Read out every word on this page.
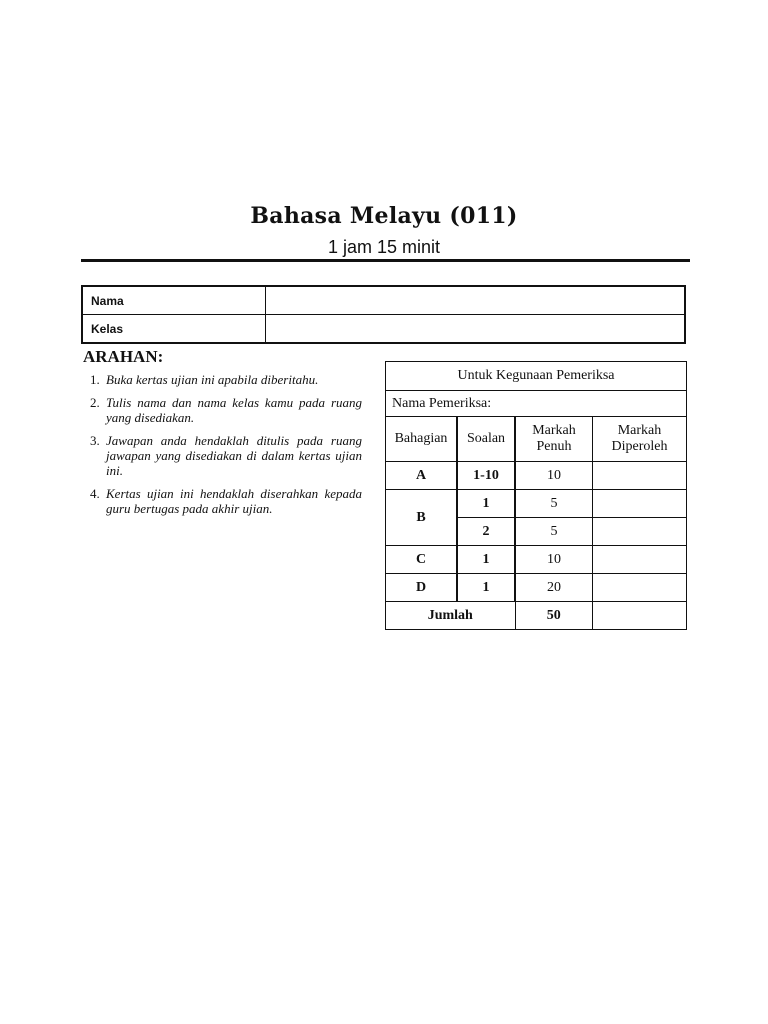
Bahasa Melayu (011)
1 jam 15 minit
Nama	
Kelas	
ARAHAN:
1. Buka kertas ujian ini apabila diberitahu.
2. Tulis nama dan nama kelas kamu pada ruang yang disediakan.
3. Jawapan anda hendaklah ditulis pada ruang jawapan yang disediakan di dalam kertas ujian ini.
4. Kertas ujian ini hendaklah diserahkan kepada guru bertugas pada akhir ujian.
Untuk Kegunaan Pemeriksa			
Nama Pemeriksa:			
Bahagian	Soalan	Markah Penuh	Markah Diperoleh
A	1-10	10	
B	1	5	
	2	5	
C	1	10	
D	1	20	
Jumlah		50	
